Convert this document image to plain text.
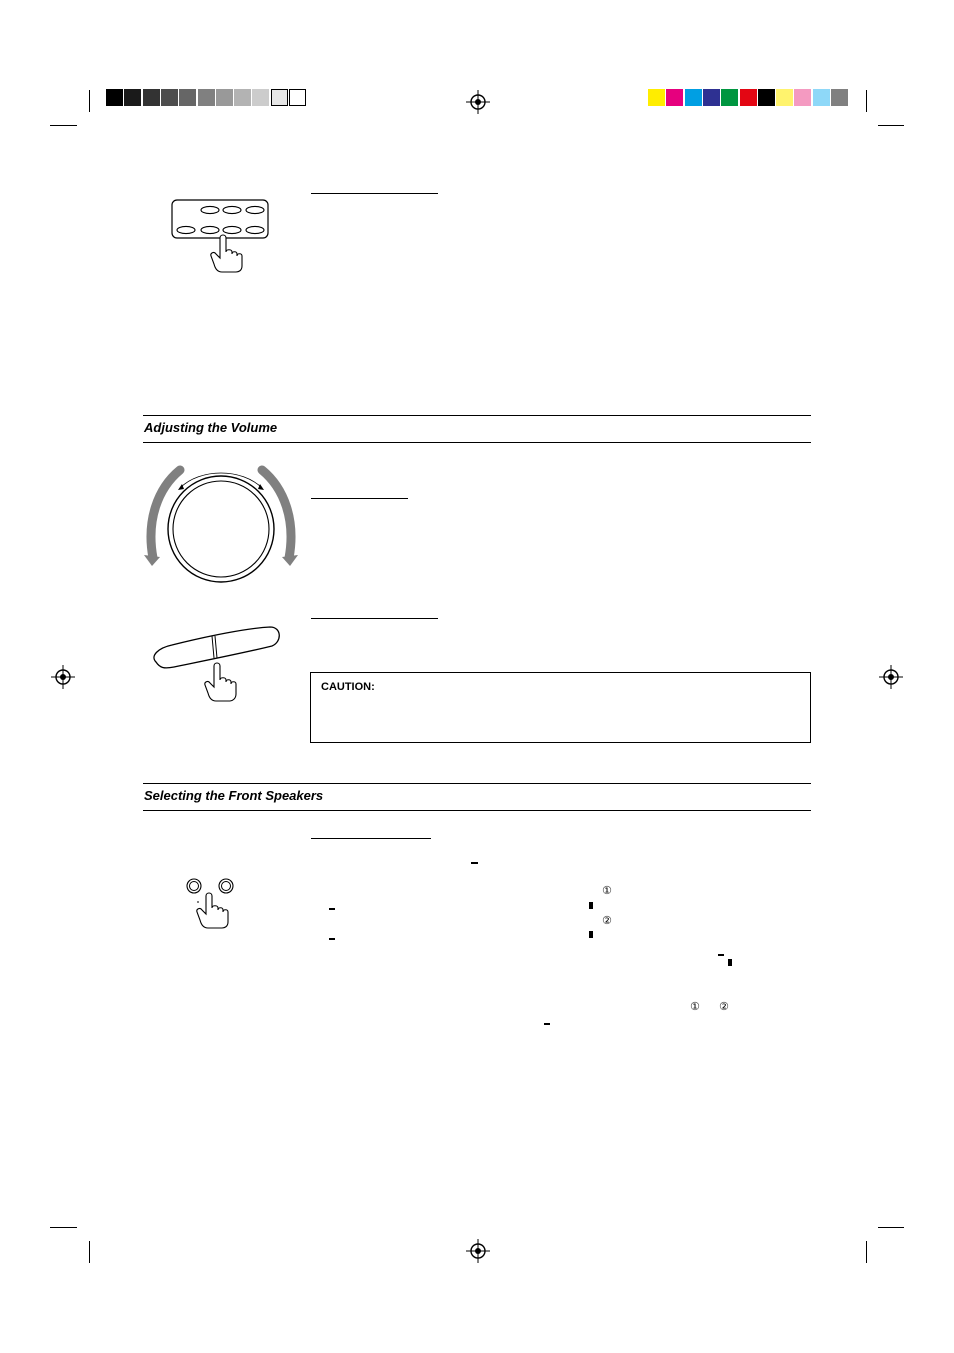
Adjusting the Volume
CAUTION:
Selecting the Front Speakers
①
②
① ②
